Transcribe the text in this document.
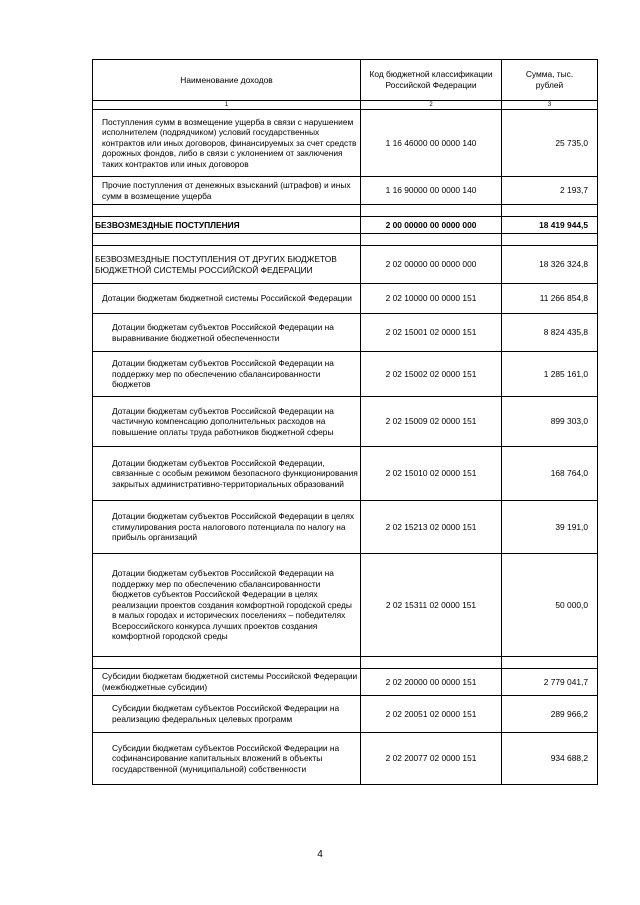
Наименование доходов	Код бюджетной классификации Российской Федерации	Сумма, тыс. рублей
1	2	3
Поступления сумм в возмещение ущерба в связи с нарушением исполнителем (подрядчиком) условий государственных контрактов или иных договоров, финансируемых за счет средств дорожных фондов, либо в связи с уклонением от заключения таких контрактов или иных договоров	1 16 46000 00 0000 140	25 735,0
Прочие поступления от денежных взысканий (штрафов) и иных сумм в возмещение ущерба	1 16 90000 00 0000 140	2 193,7

БЕЗВОЗМЕЗДНЫЕ ПОСТУПЛЕНИЯ	2 00 00000 00 0000 000	18 419 944,5

БЕЗВОЗМЕЗДНЫЕ ПОСТУПЛЕНИЯ ОТ ДРУГИХ БЮДЖЕТОВ БЮДЖЕТНОЙ СИСТЕМЫ РОССИЙСКОЙ ФЕДЕРАЦИИ	2 02 00000 00 0000 000	18 326 324,8
Дотации бюджетам бюджетной системы Российской Федерации	2 02 10000 00 0000 151	11 266 854,8
Дотации бюджетам субъектов Российской Федерации на выравнивание бюджетной обеспеченности	2 02 15001 02 0000 151	8 824 435,8
Дотации бюджетам субъектов Российской Федерации на поддержку мер по обеспечению сбалансированности бюджетов	2 02 15002 02 0000 151	1 285 161,0
Дотации бюджетам субъектов Российской Федерации на частичную компенсацию дополнительных расходов на повышение оплаты труда работников бюджетной сферы	2 02 15009 02 0000 151	899 303,0
Дотации бюджетам субъектов Российской Федерации, связанные с особым режимом безопасного функционирования закрытых административно-территориальных образований	2 02 15010 02 0000 151	168 764,0
Дотации бюджетам субъектов Российской Федерации в целях стимулирования роста налогового потенциала по налогу на прибыль организаций	2 02 15213 02 0000 151	39 191,0
Дотации бюджетам субъектов Российской Федерации на поддержку мер по обеспечению сбалансированности бюджетов субъектов Российской Федерации в целях реализации проектов создания комфортной городской среды в малых городах и исторических поселениях – победителях Всероссийского конкурса лучших проектов создания комфортной городской среды	2 02 15311 02 0000 151	50 000,0

Субсидии бюджетам бюджетной системы Российской Федерации (межбюджетные субсидии)	2 02 20000 00 0000 151	2 779 041,7
Субсидии бюджетам субъектов Российской Федерации на реализацию федеральных целевых программ	2 02 20051 02 0000 151	289 966,2
Субсидии бюджетам субъектов Российской Федерации на софинансирование капитальных вложений в объекты государственной (муниципальной) собственности	2 02 20077 02 0000 151	934 688,2
4
